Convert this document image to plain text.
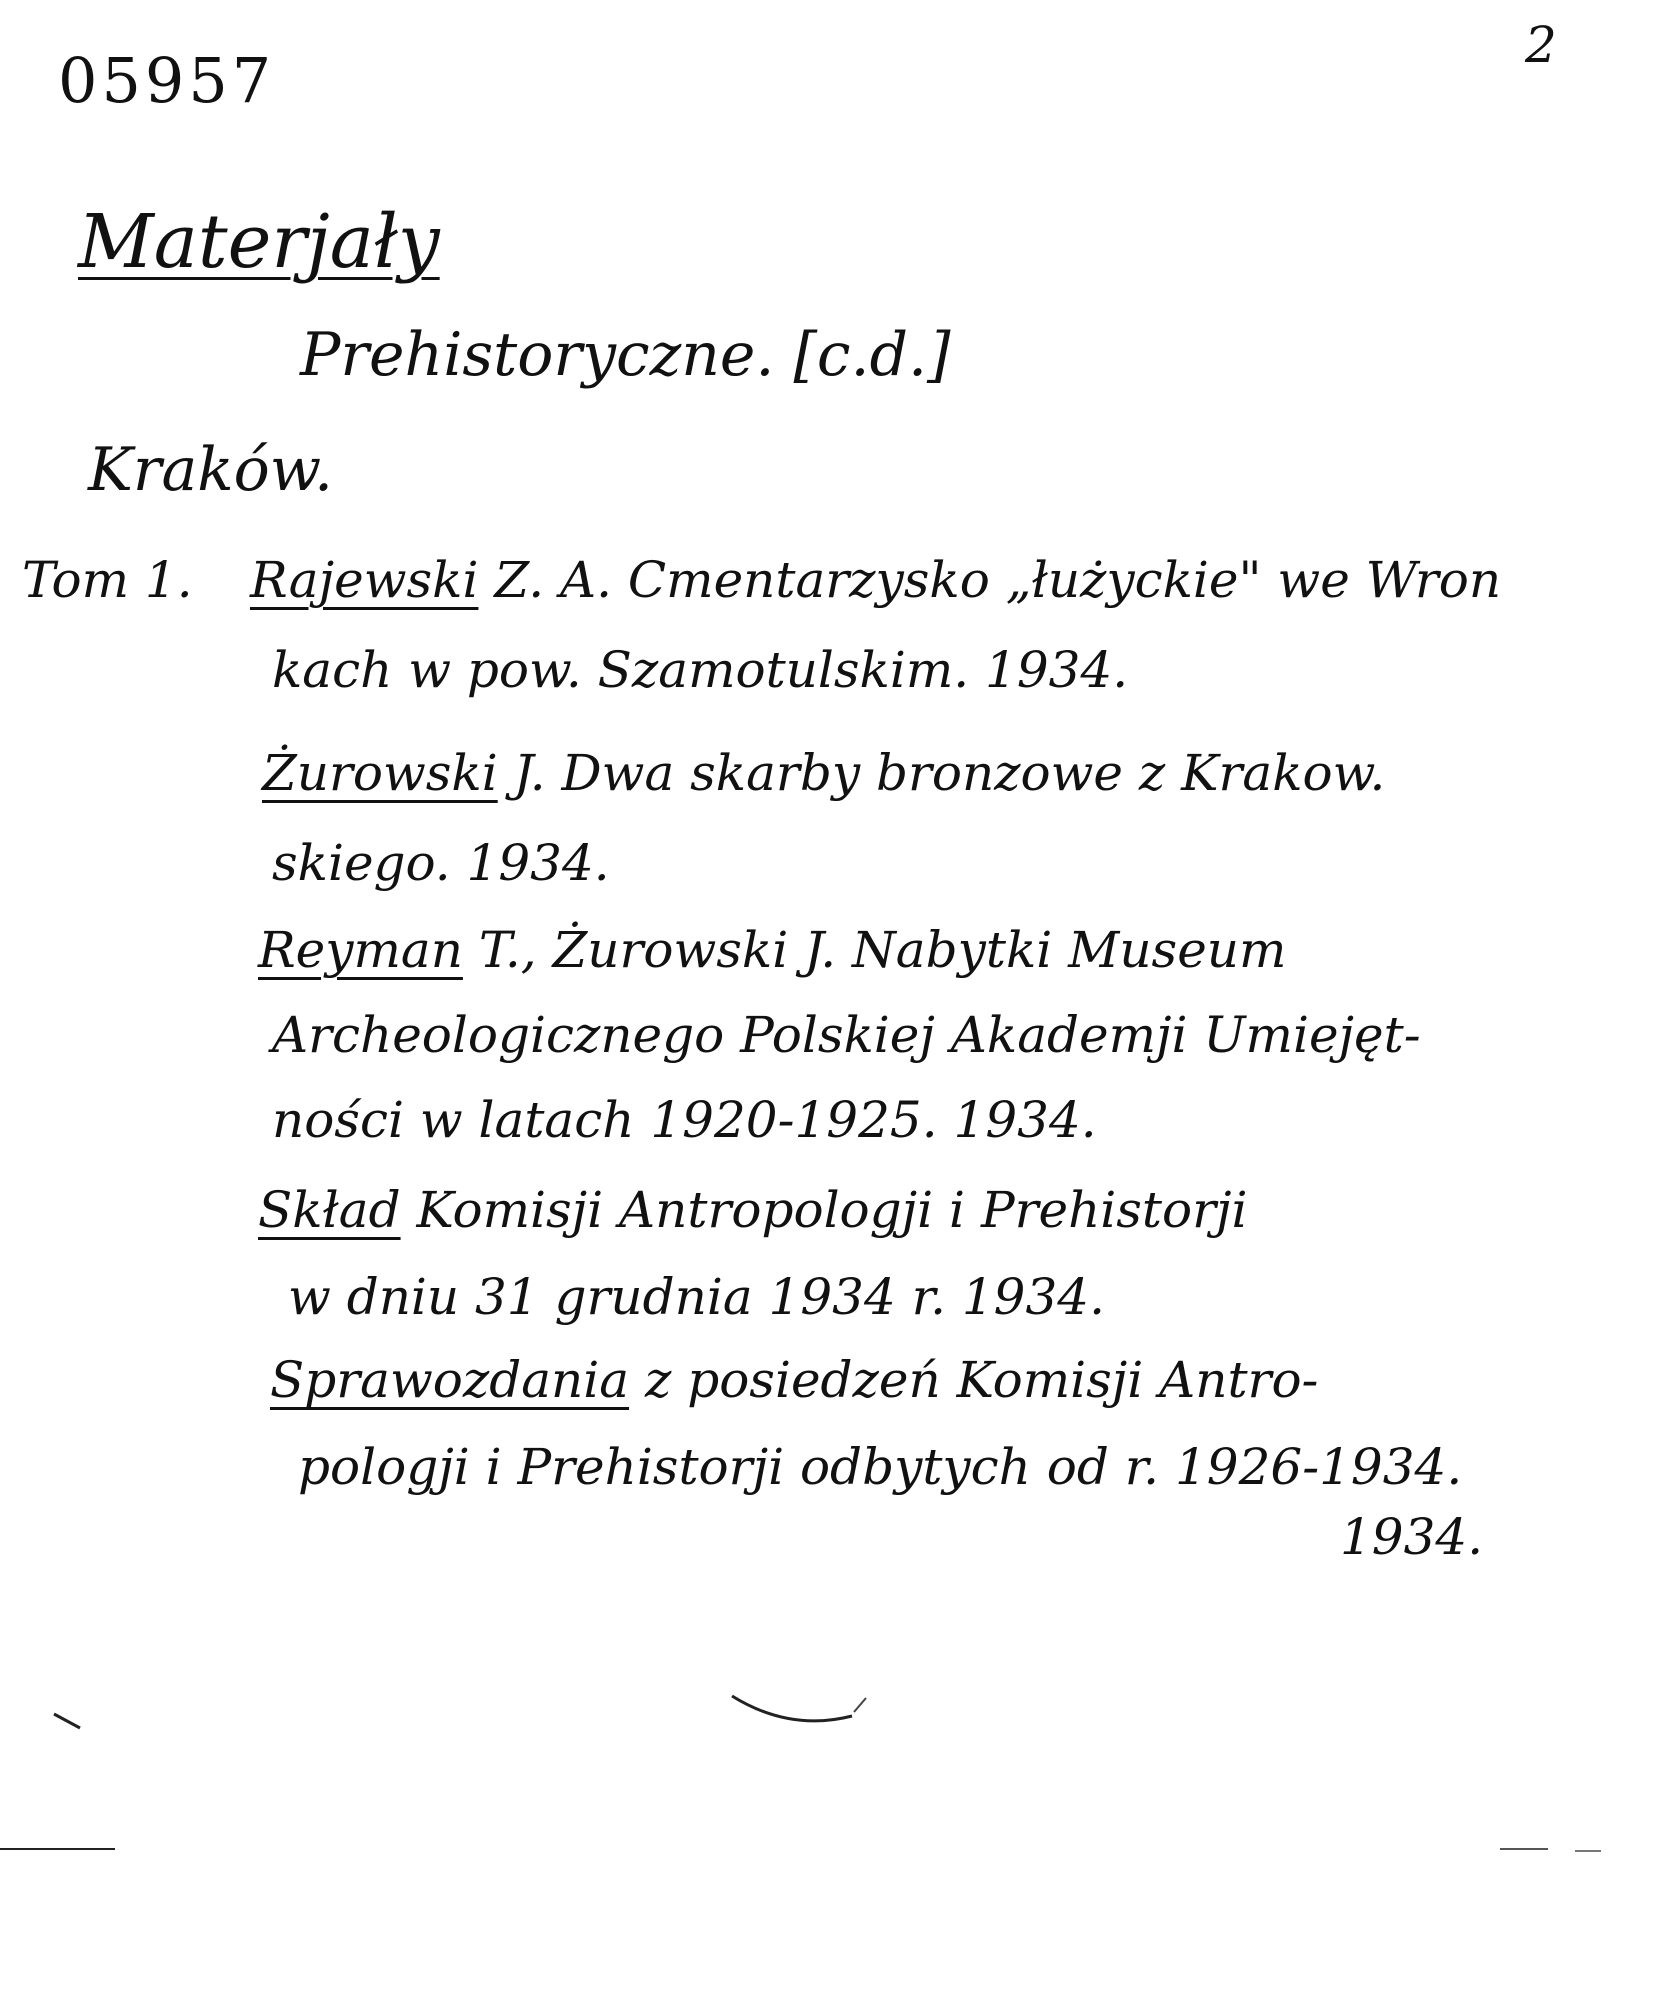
05957	2
Materjały
Prehistoryczne. [c.d.]
Kraków.
Tom 1. Rajewski Z. A. Cmentarzysko „łużyckie" we Wron
kach w pow. Szamotulskim. 1934.
Żurowski J. Dwa skarby bronzowe z Krakow.
skiego. 1934.
Reyman T., Żurowski J. Nabytki Museum
Archeologicznego Polskiej Akademji Umiejęt-
ności w latach 1920-1925. 1934.
Skład Komisji Antropologji i Prehistorji
w dniu 31 grudnia 1934 r. 1934.
Sprawozdania z posiedzeń Komisji Antro-
pologji i Prehistorji odbytych od r. 1926-1934.
1934.
